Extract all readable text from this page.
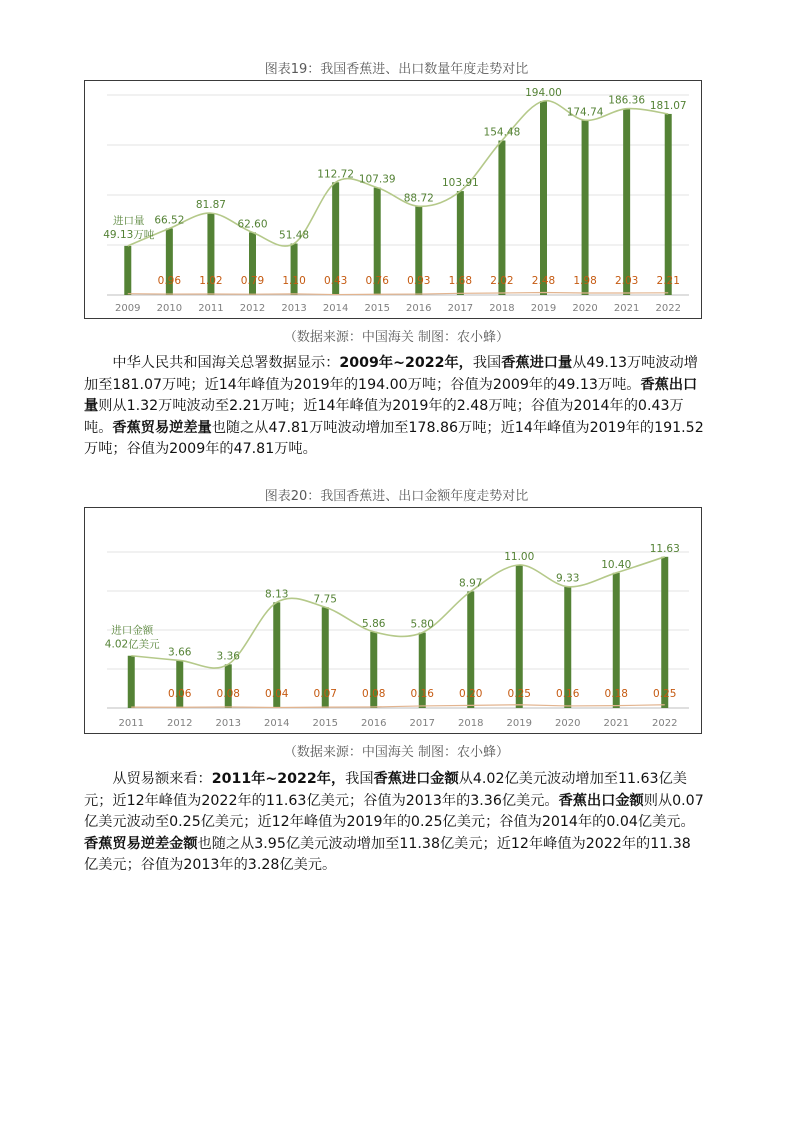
图表19：我国香蕉进、出口数量年度走势对比
66.52
81.87
62.60
51.48
112.72 107.39
88.72
103.91
154.48
194.00
174.74
186.36 181.07
进口量
49.13万吨
0.96 1.02 0.79 1.10 0.43 0.76 0.93 1.68 2.02 2.48 1.98 2.03 2.21
2009 2010 2011 2012 2013 2014 2015 2016 2017 2018 2019 2020 2021 2022
（数据来源：中国海关 制图：农小蜂）

中华人民共和国海关总署数据显示：2009年~2022年，我国香蕉进口量从49.13万吨波动增加至181.07万吨；近14年峰值为2019年的194.00万吨；谷值为2009年的49.13万吨。香蕉出口量则从1.32万吨波动至2.21万吨；近14年峰值为2019年的2.48万吨；谷值为2014年的0.43万吨。香蕉贸易逆差量也随之从47.81万吨波动增加至178.86万吨；近14年峰值为2019年的191.52万吨；谷值为2009年的47.81万吨。

图表20：我国香蕉进、出口金额年度走势对比
3.66 3.36
8.13 7.75
5.86 5.80
8.97
11.00
9.33
10.40
11.63
进口金额
4.02亿美元
0.06 0.08 0.04 0.07 0.08 0.16 0.20 0.25 0.16 0.18 0.25
2011 2012 2013 2014 2015 2016 2017 2018 2019 2020 2021 2022
（数据来源：中国海关 制图：农小蜂）

从贸易额来看：2011年~2022年，我国香蕉进口金额从4.02亿美元波动增加至11.63亿美元；近12年峰值为2022年的11.63亿美元；谷值为2013年的3.36亿美元。香蕉出口金额则从0.07亿美元波动至0.25亿美元；近12年峰值为2019年的0.25亿美元；谷值为2014年的0.04亿美元。香蕉贸易逆差金额也随之从3.95亿美元波动增加至11.38亿美元；近12年峰值为2022年的11.38亿美元；谷值为2013年的3.28亿美元。
